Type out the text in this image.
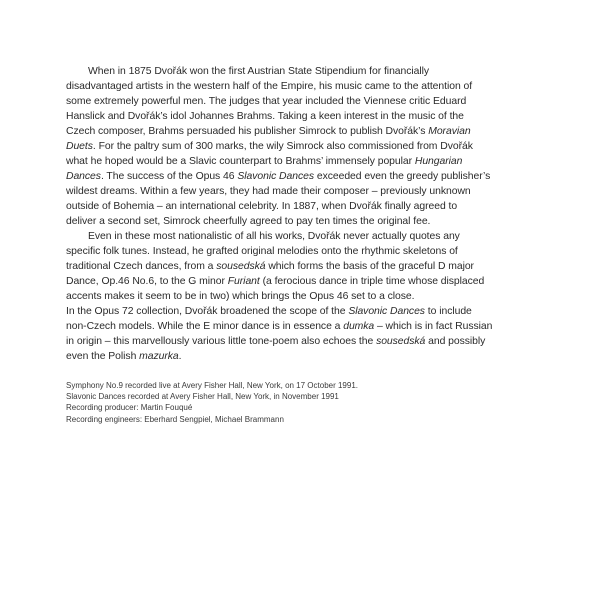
When in 1875 Dvořák won the first Austrian State Stipendium for financially
disadvantaged artists in the western half of the Empire, his music came to the attention of
some extremely powerful men. The judges that year included the Viennese critic Eduard
Hanslick and Dvořák’s idol Johannes Brahms. Taking a keen interest in the music of the
Czech composer, Brahms persuaded his publisher Simrock to publish Dvořák’s Moravian
Duets. For the paltry sum of 300 marks, the wily Simrock also commissioned from Dvořák
what he hoped would be a Slavic counterpart to Brahms’ immensely popular Hungarian
Dances. The success of the Opus 46 Slavonic Dances exceeded even the greedy publisher’s
wildest dreams. Within a few years, they had made their composer – previously unknown
outside of Bohemia – an international celebrity. In 1887, when Dvořák finally agreed to
deliver a second set, Simrock cheerfully agreed to pay ten times the original fee.

Even in these most nationalistic of all his works, Dvořák never actually quotes any
specific folk tunes. Instead, he grafted original melodies onto the rhythmic skeletons of
traditional Czech dances, from a sousedská which forms the basis of the graceful D major
Dance, Op.46 No.6, to the G minor Furiant (a ferocious dance in triple time whose displaced
accents makes it seem to be in two) which brings the Opus 46 set to a close.

In the Opus 72 collection, Dvořák broadened the scope of the Slavonic Dances to include
non-Czech models. While the E minor dance is in essence a dumka – which is in fact Russian
in origin – this marvellously various little tone-poem also echoes the sousedská and possibly
even the Polish mazurka.

Symphony No.9 recorded live at Avery Fisher Hall, New York, on 17 October 1991.
Slavonic Dances recorded at Avery Fisher Hall, New York, in November 1991
Recording producer: Martin Fouqué
Recording engineers: Eberhard Sengpiel, Michael Brammann
